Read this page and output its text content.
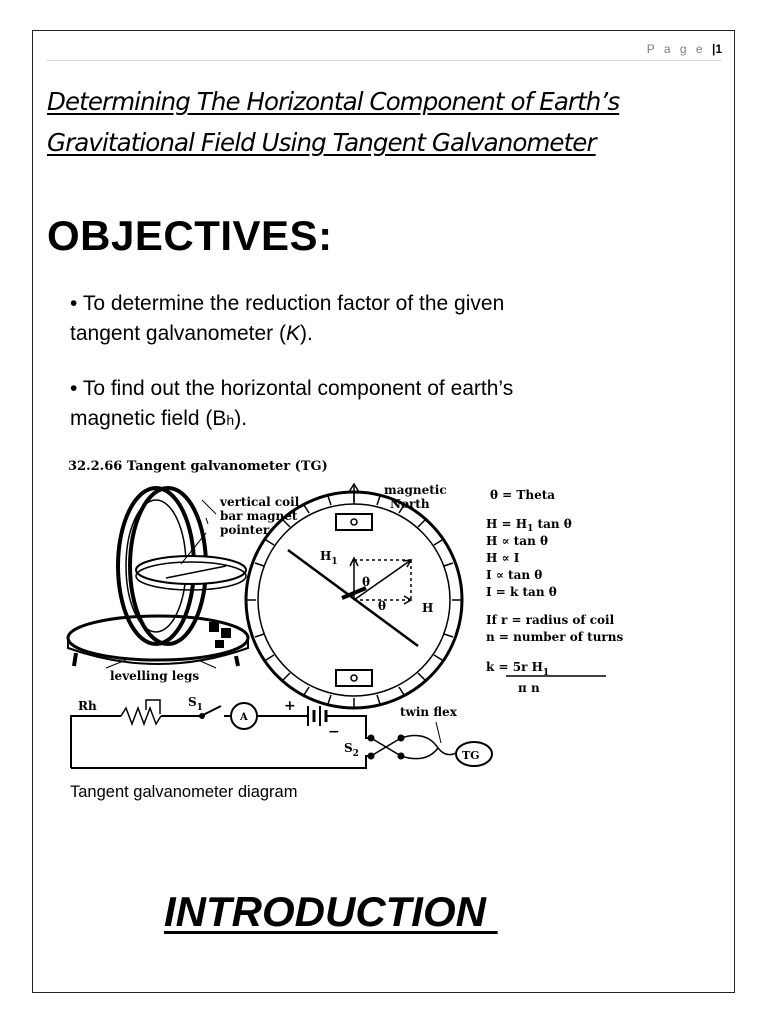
P a g e |1
Determining The Horizontal Component of Earth’s
Gravitational Field Using Tangent Galvanometer
OBJECTIVES:
• To determine the reduction factor of the given
tangent galvanometer (K).
• To find out the horizontal component of earth’s
magnetic field (Bh).
32.2.66 Tangent galvanometer (TG)
vertical coil
bar magnet
pointer
levelling legs
magnetic
North
$H_1$
θ
θ	H
θ = Theta
$H = H_1$ tan θ
H ∝ tan θ
H ∝ I
I ∝ tan θ
I = k tan θ
If r = radius of coil
n = number of turns
k = 5r $H_1$
π n
Rh	$S_1$
A
+
−
$S_2$
twin flex
TG
Tangent galvanometer diagram
INTRODUCTION
